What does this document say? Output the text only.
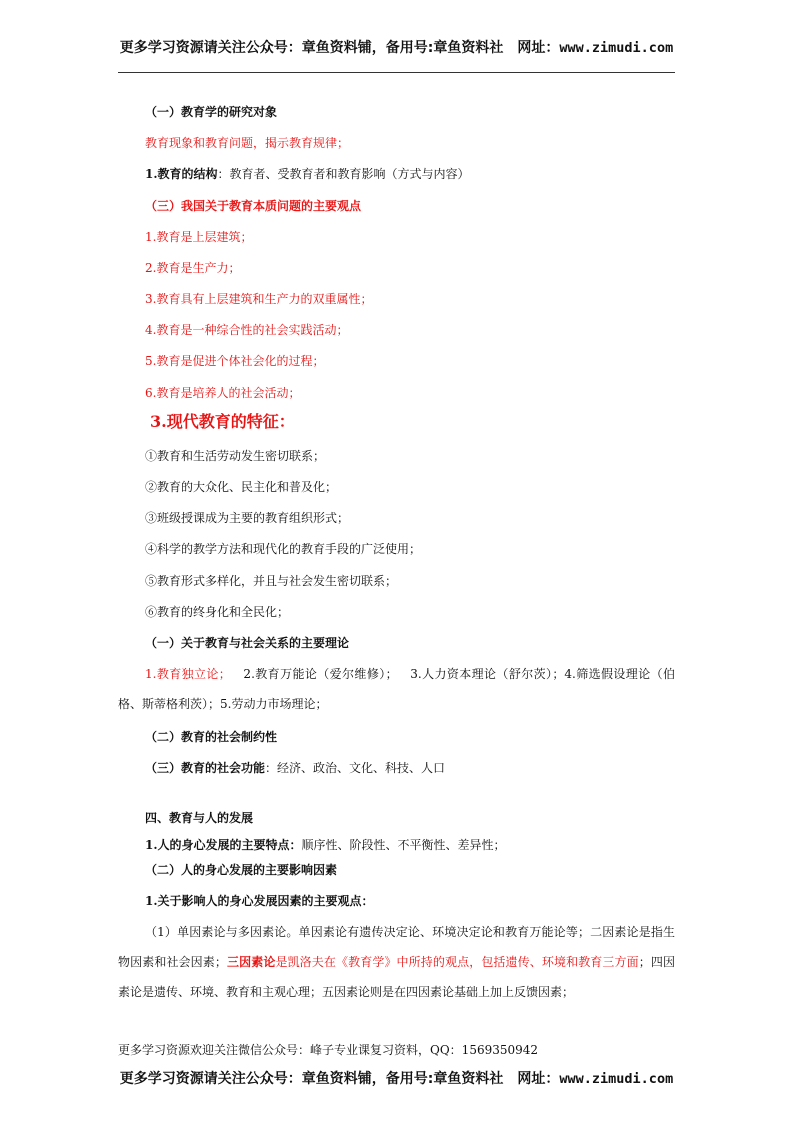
更多学习资源请关注公众号：章鱼资料铺，备用号:章鱼资料社　网址：www.zimudi.com
（一）教育学的研究对象
教育现象和教育问题，揭示教育规律；
1.教育的结构：教育者、受教育者和教育影响（方式与内容）
（三）我国关于教育本质问题的主要观点
1.教育是上层建筑；
2.教育是生产力；
3.教育具有上层建筑和生产力的双重属性；
4.教育是一种综合性的社会实践活动；
5.教育是促进个体社会化的过程；
6.教育是培养人的社会活动；
3.现代教育的特征：
①教育和生活劳动发生密切联系；
②教育的大众化、民主化和普及化；
③班级授课成为主要的教育组织形式；
④科学的教学方法和现代化的教育手段的广泛使用；
⑤教育形式多样化，并且与社会发生密切联系；
⑥教育的终身化和全民化；
（一）关于教育与社会关系的主要理论

1.教育独立论；   2.教育万能论（爱尔维修）；   3.人力资本理论（舒尔茨）；4.筛选假设理论（伯格、斯蒂格利茨）；5.劳动力市场理论；

（二）教育的社会制约性
（三）教育的社会功能：经济、政治、文化、科技、人口
四、教育与人的发展
1.人的身心发展的主要特点：顺序性、阶段性、不平衡性、差异性；
（二）人的身心发展的主要影响因素
1.关于影响人的身心发展因素的主要观点：

（1）单因素论与多因素论。单因素论有遗传决定论、环境决定论和教育万能论等；二因素论是指生物因素和社会因素；三因素论是凯洛夫在《教育学》中所持的观点，包括遗传、环境和教育三方面；四因素论是遗传、环境、教育和主观心理；五因素论则是在四因素论基础上加上反馈因素；

更多学习资源欢迎关注微信公众号：峰子专业课复习资料，QQ：1569350942
更多学习资源请关注公众号：章鱼资料铺，备用号:章鱼资料社　网址：www.zimudi.com
